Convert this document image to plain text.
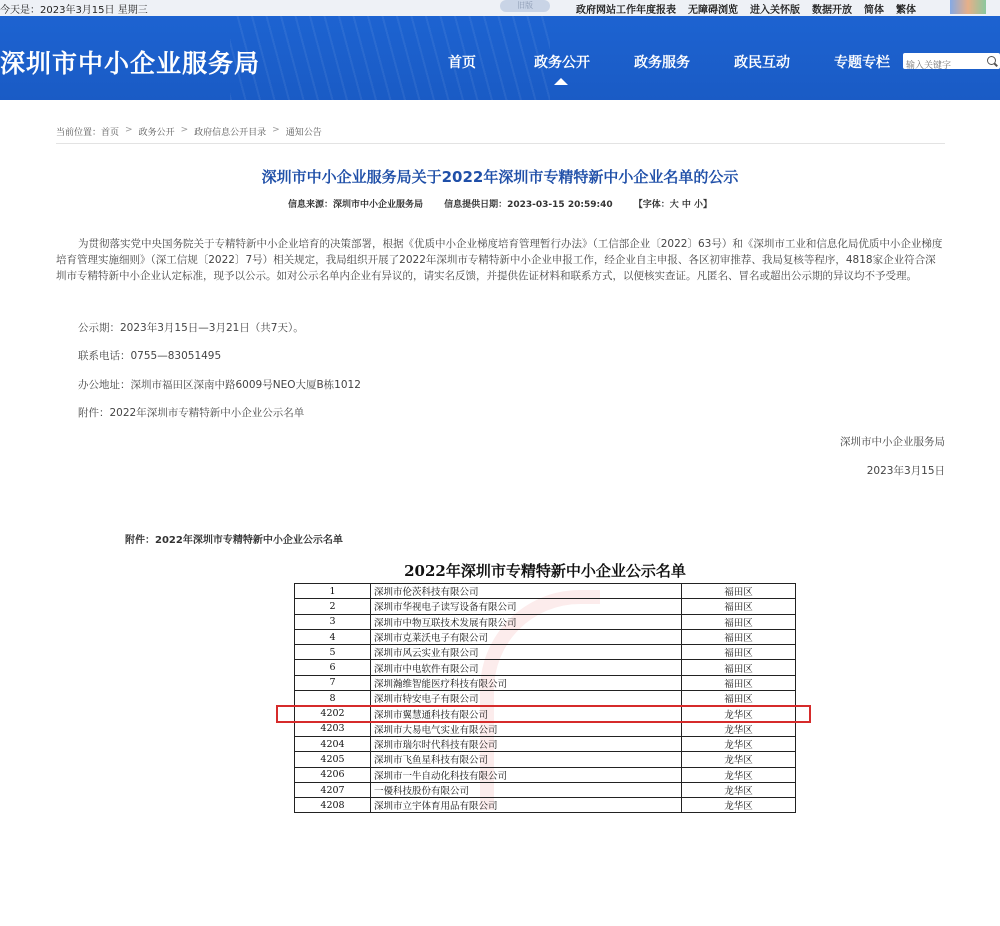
今天是：2023年3月15日 星期三	旧版	政府网站工作年度报表 无障碍浏览 进入关怀版 数据开放 简体 繁体
深圳市中小企业服务局	首页	政务公开	政务服务	政民互动	专题专栏
输入关键字
当前位置：首页 > 政务公开 > 政府信息公开目录 > 通知公告
深圳市中小企业服务局关于2022年深圳市专精特新中小企业名单的公示
信息来源：深圳市中小企业服务局 信息提供日期：2023-03-15 20:59:40 【字体：大 中 小】

为贯彻落实党中央国务院关于专精特新中小企业培育的决策部署，根据《优质中小企业梯度培育管理暂行办法》（工信部企业〔2022〕63号）和《深圳市工业和信息化局优质中小企业梯度培育管理实施细则》（深工信规〔2022〕7号）相关规定，我局组织开展了2022年深圳市专精特新中小企业申报工作，经企业自主申报、各区初审推荐、我局复核等程序，4818家企业符合深圳市专精特新中小企业认定标准，现予以公示。如对公示名单内企业有异议的，请实名反馈，并提供佐证材料和联系方式，以便核实查证。凡匿名、冒名或超出公示期的异议均不予受理。

公示期：2023年3月15日—3月21日（共7天）。
联系电话：0755—83051495
办公地址：深圳市福田区深南中路6009号NEO大厦B栋1012
附件：2022年深圳市专精特新中小企业公示名单
深圳市中小企业服务局
2023年3月15日
附件：2022年深圳市专精特新中小企业公示名单
2022年深圳市专精特新中小企业公示名单
1	深圳市伦茨科技有限公司	福田区
2	深圳市华视电子读写设备有限公司	福田区
3	深圳市中物互联技术发展有限公司	福田区
4	深圳市克莱沃电子有限公司	福田区
5	深圳市风云实业有限公司	福田区
6	深圳市中电软件有限公司	福田区
7	深圳瀚维智能医疗科技有限公司	福田区
8	深圳市特安电子有限公司	福田区
4202	深圳市翼慧通科技有限公司	龙华区
4203	深圳市大易电气实业有限公司	龙华区
4204	深圳市瑞尔时代科技有限公司	龙华区
4205	深圳市飞鱼星科技有限公司	龙华区
4206	深圳市一牛自动化科技有限公司	龙华区
4207	一優科技股份有限公司	龙华区
4208	深圳市立宇体育用品有限公司	龙华区
